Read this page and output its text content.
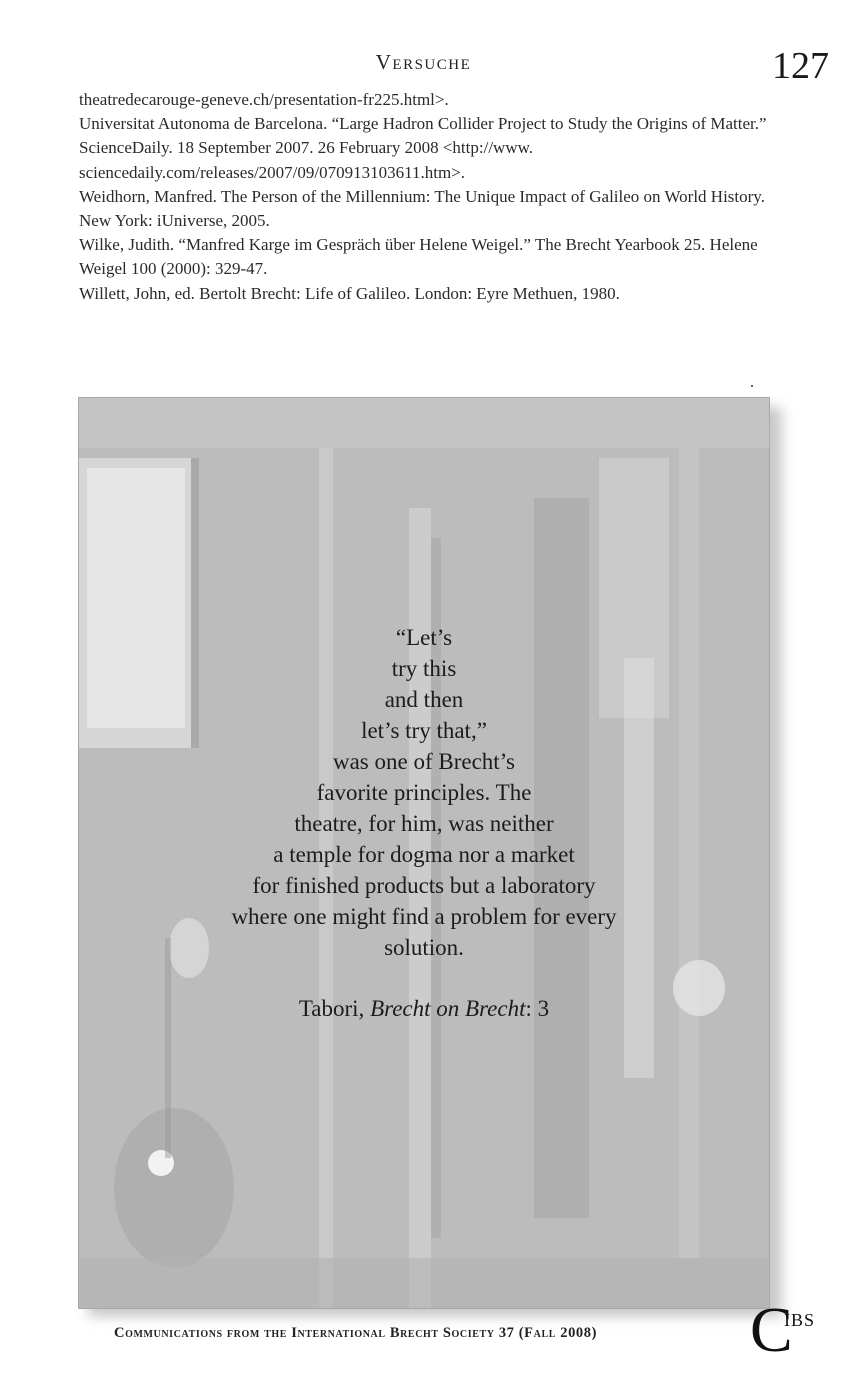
Versuche	127

theatredecarouge-geneve.ch/presentation-fr225.html>.

Universitat Autonoma de Barcelona. “Large Hadron Collider Project to Study the Origins of Matter.” ScienceDaily. 18 September 2007. 26 February 2008 <http://www. sciencedaily.com/releases/2007/09/070913103611.htm>.

Weidhorn, Manfred. The Person of the Millennium: The Unique Impact of Galileo on World History. New York: iUniverse, 2005.

Wilke, Judith. “Manfred Karge im Gespräch über Helene Weigel.” The Brecht Yearbook 25. Helene Weigel 100 (2000): 329-47.

Willett, John, ed. Bertolt Brecht: Life of Galileo. London: Eyre Methuen, 1980.

“Let’s
try this
and then
let’s try that,”
was one of Brecht’s
favorite principles. The
theatre, for him, was neither
a temple for dogma nor a market
for finished products but a laboratory
where one might find a problem for every
solution.
Tabori, Brecht on Brecht: 3
Communications from the International Brecht Society 37 (Fall 2008) C
IBS
